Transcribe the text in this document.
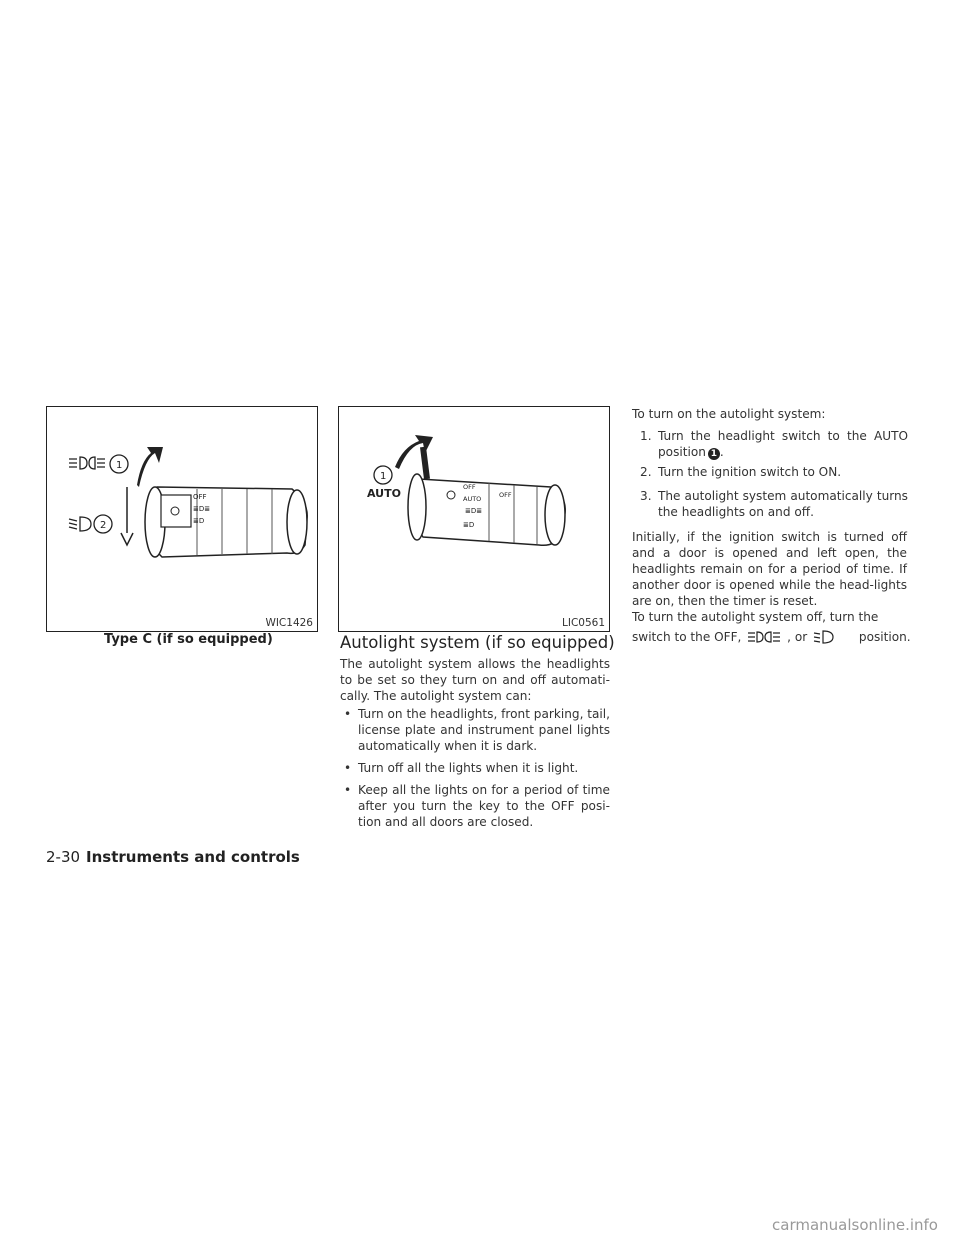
OFF
≣D≣
≣D
1
2
WIC1426
Type C (if so equipped)
OFF
AUTO	OFF
≣D≣
≣D
1
AUTO
LIC0561
Autolight system (if so equipped)

The autolight system allows the headlights to be set so they turn on and off automati-cally. The autolight system can:

• Turn on the headlights, front parking, tail, license plate and instrument panel lights automatically when it is dark.
• Turn off all the lights when it is light.
• Keep all the lights on for a period of time after you turn the key to the OFF posi-tion and all doors are closed.

To turn on the autolight system:

1. Turn the headlight switch to the AUTO position 1 .
2. Turn the ignition switch to ON.
3. The autolight system automatically turns the headlights on and off.

Initially, if the ignition switch is turned off and a door is opened and left open, the headlights remain on for a period of time. If another door is opened while the head-lights are on, then the timer is reset.

To turn the autolight system off, turn the
switch to the OFF,	, or	position.
2-30 Instruments and controls
carmanualsonline.info
